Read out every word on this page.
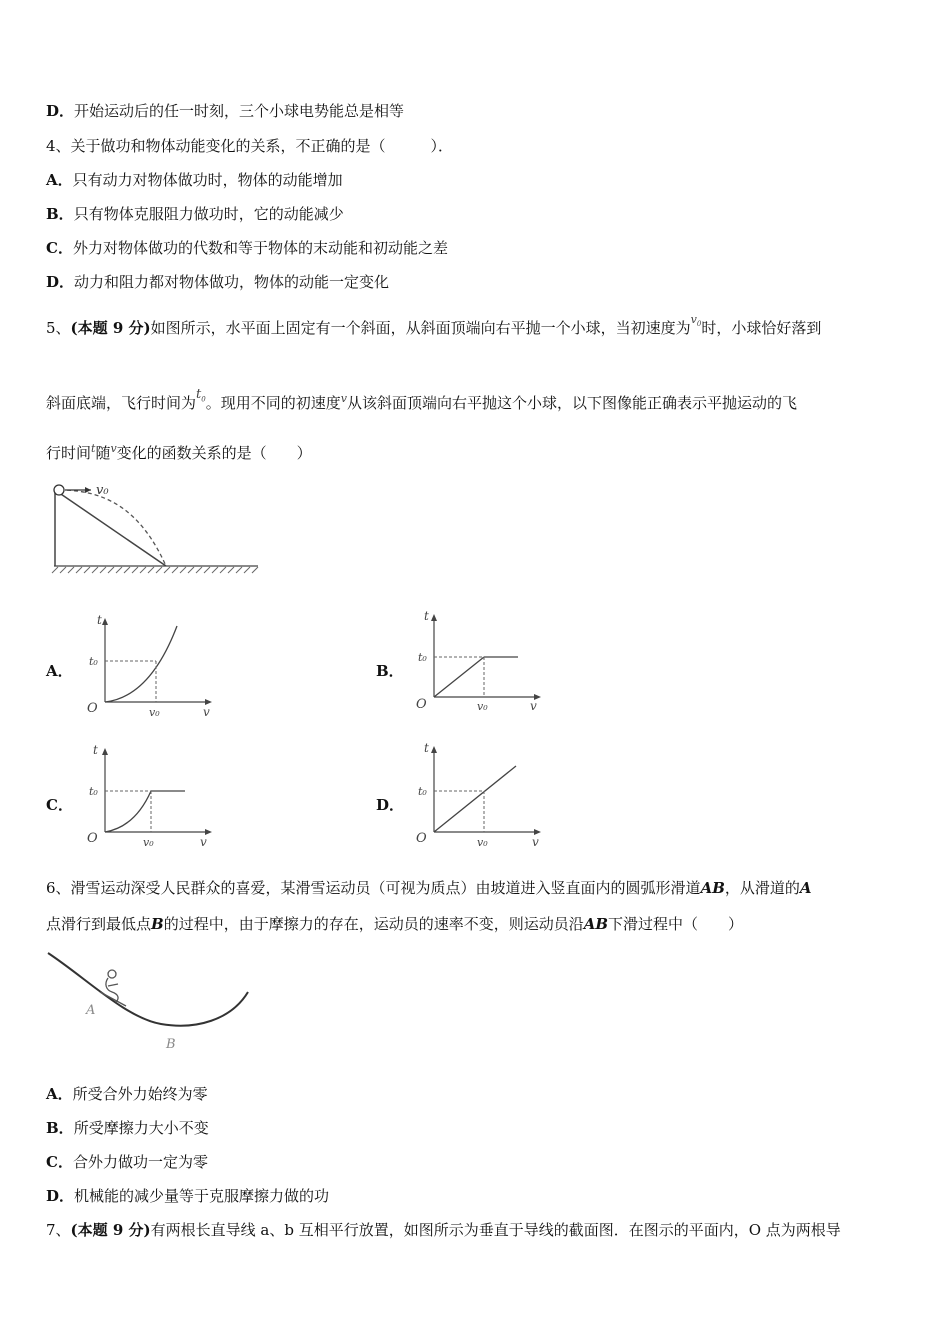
D．开始运动后的任一时刻，三个小球电势能总是相等
4、关于做功和物体动能变化的关系，不正确的是（　　　）．
A．只有动力对物体做功时，物体的动能增加
B．只有物体克服阻力做功时，它的动能减少
C．外力对物体做功的代数和等于物体的末动能和初动能之差
D．动力和阻力都对物体做功，物体的动能一定变化
5、(本题 9 分)如图所示，水平面上固定有一个斜面，从斜面顶端向右平抛一个小球，当初速度为$^{v_0}$时，小球恰好落到
斜面底端，飞行时间为$t_0$。现用不同的初速度$^v$从该斜面顶端向右平抛这个小球，以下图像能正确表示平抛运动的飞
行时间$^t$随$^v$变化的函数关系的是（　　）
v₀
A．
t
t₀
O	v₀	v
B．
t
t₀
O	v₀	v
C．
t
t₀
O	v₀	v
D．
t
t₀
O	v₀	v
6、滑雪运动深受人民群众的喜爱，某滑雪运动员（可视为质点）由坡道进入竖直面内的圆弧形滑道AB，从滑道的A
点滑行到最低点B的过程中，由于摩擦力的存在，运动员的速率不变，则运动员沿AB下滑过程中（　　）
A
B
A．所受合外力始终为零
B．所受摩擦力大小不变
C．合外力做功一定为零
D．机械能的减少量等于克服摩擦力做的功
7、(本题 9 分)有两根长直导线 a、b 互相平行放置，如图所示为垂直于导线的截面图．在图示的平面内，O 点为两根导
